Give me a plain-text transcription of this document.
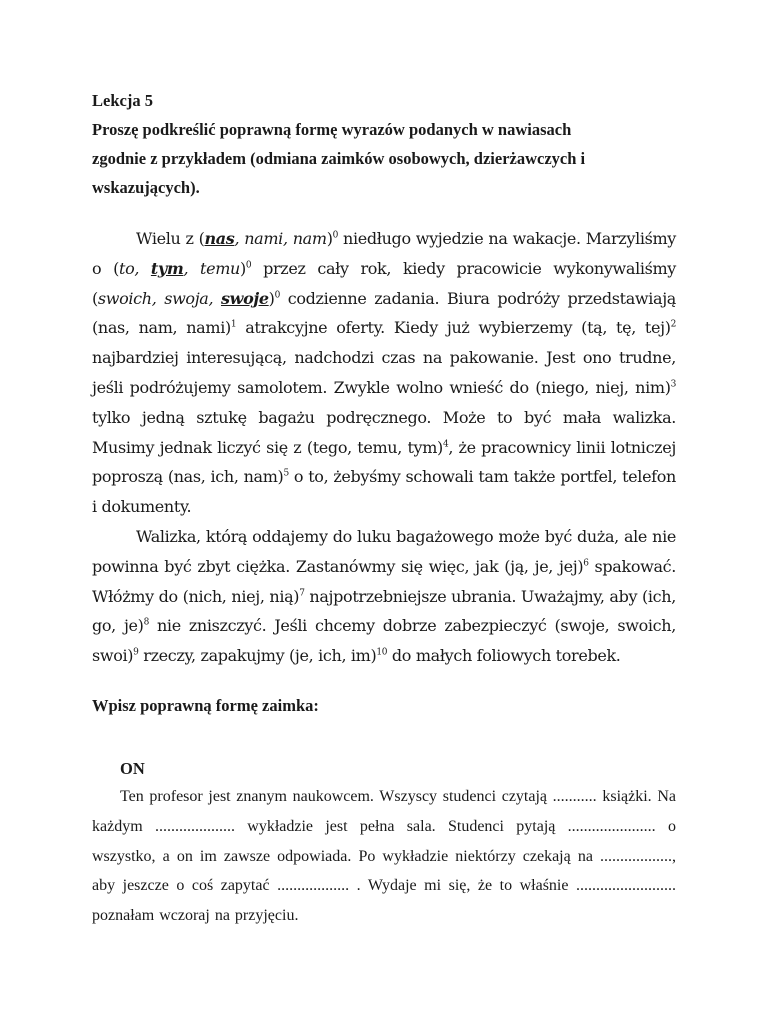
Lekcja 5
Proszę podkreślić poprawną formę wyrazów podanych w nawiasach
zgodnie z przykładem (odmiana zaimków osobowych, dzierżawczych i
wskazujących).

Wielu z (nas, nami, nam)$^0$ niedługo wyjedzie na wakacje. Marzyliśmy o (to, tym, temu)$^0$ przez cały rok, kiedy pracowicie wykonywaliśmy (swoich, swoja, swoje)$^0$ codzienne zadania. Biura podróży przedstawiają (nas, nam, nami)$^1$ atrakcyjne oferty. Kiedy już wybierzemy (tą, tę, tej)$^2$ najbardziej interesującą, nadchodzi czas na pakowanie. Jest ono trudne, jeśli podróżujemy samolotem. Zwykle wolno wnieść do (niego, niej, nim)$^3$ tylko jedną sztukę bagażu podręcznego. Może to być mała walizka. Musimy jednak liczyć się z (tego, temu, tym)$^4$, że pracownicy linii lotniczej poproszą (nas, ich, nam)$^5$ o to, żebyśmy schowali tam także portfel, telefon i dokumenty.

Walizka, którą oddajemy do luku bagażowego może być duża, ale nie powinna być zbyt ciężka. Zastanówmy się więc, jak (ją, je, jej)$^6$ spakować. Włóżmy do (nich, niej, nią)$^7$ najpotrzebniejsze ubrania. Uważajmy, aby (ich, go, je)$^8$ nie zniszczyć. Jeśli chcemy dobrze zabezpieczyć (swoje, swoich, swoi)$^9$ rzeczy, zapakujmy (je, ich, im)$^{10}$ do małych foliowych torebek.

Wpisz poprawną formę zaimka:
ON

Ten profesor jest znanym naukowcem. Wszyscy studenci czytają ........... książki. Na każdym .................... wykładzie jest pełna sala. Studenci pytają ...................... o wszystko, a on im zawsze odpowiada. Po wykładzie niektórzy czekają na .................., aby jeszcze o coś zapytać .................. . Wydaje mi się, że to właśnie ......................... poznałam wczoraj na przyjęciu.
